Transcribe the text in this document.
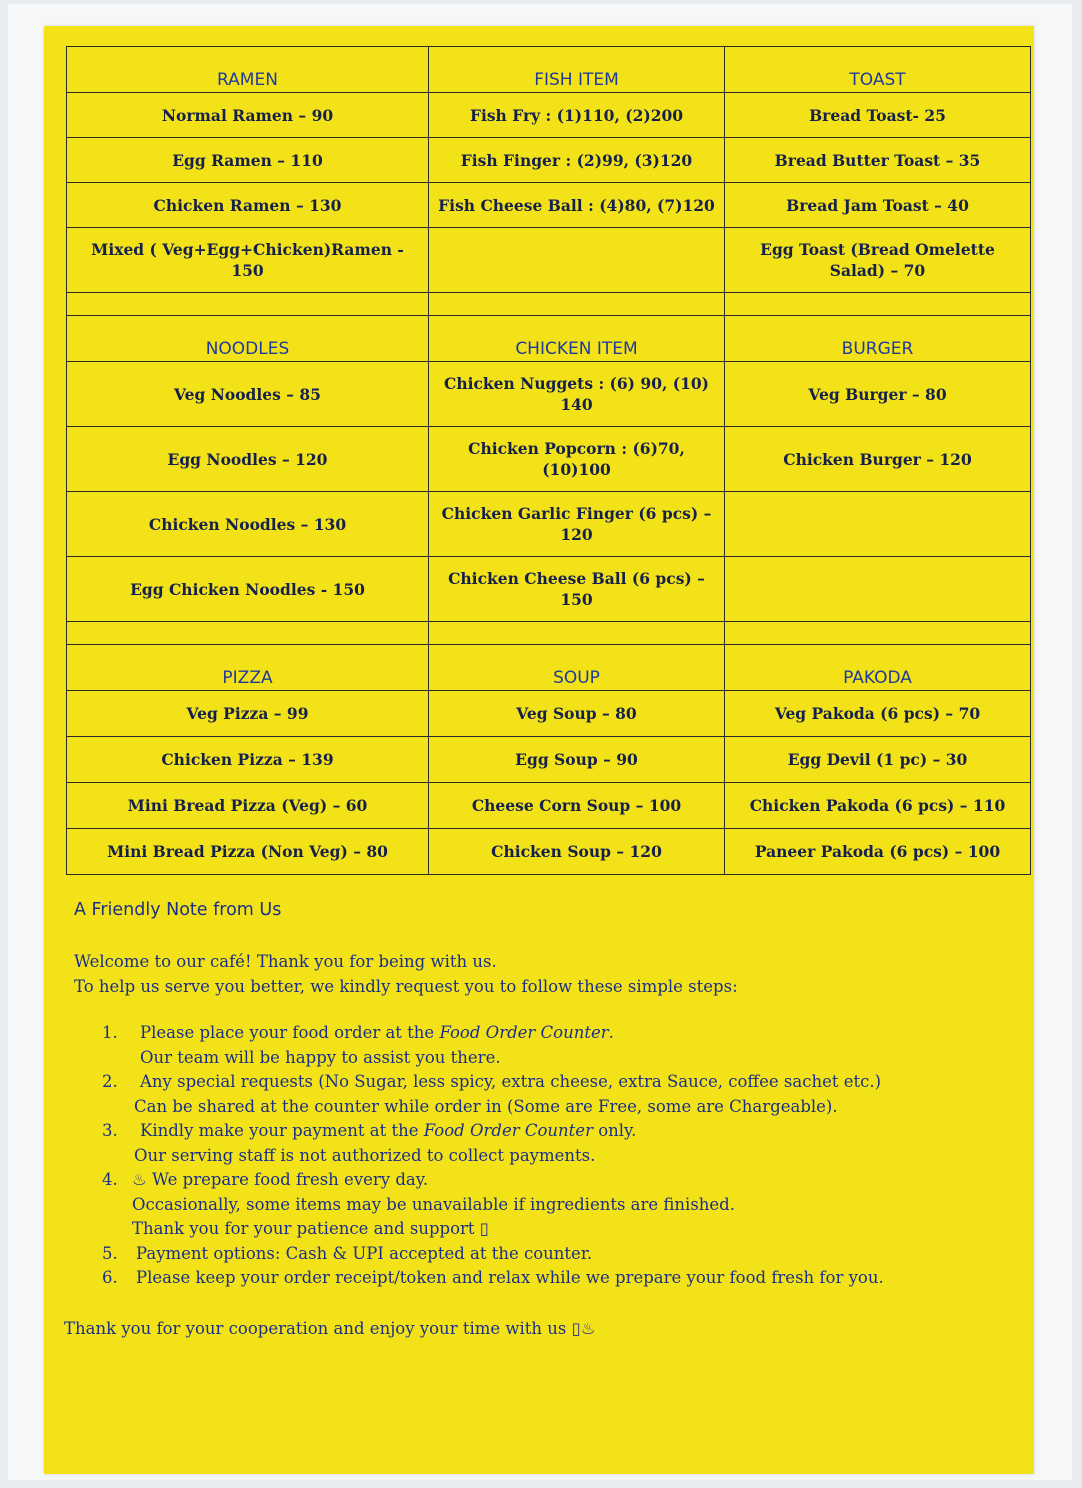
RAMEN	FISH ITEM	TOAST
Normal Ramen – 90	Fish Fry : (1)110, (2)200	Bread Toast- 25
Egg Ramen – 110	Fish Finger : (2)99, (3)120	Bread Butter Toast – 35
Chicken Ramen – 130	Fish Cheese Ball : (4)80, (7)120	Bread Jam Toast – 40
Mixed ( Veg+Egg+Chicken)Ramen - 150		Egg Toast (Bread Omelette Salad) – 70

NOODLES	CHICKEN ITEM	BURGER
Veg Noodles – 85	Chicken Nuggets : (6) 90, (10) 140	Veg Burger – 80
Egg Noodles – 120	Chicken Popcorn : (6)70, (10)100	Chicken Burger – 120
Chicken Noodles – 130	Chicken Garlic Finger (6 pcs) – 120	
Egg Chicken Noodles - 150	Chicken Cheese Ball (6 pcs) – 150	

PIZZA	SOUP	PAKODA
Veg Pizza – 99	Veg Soup – 80	Veg Pakoda (6 pcs) – 70
Chicken Pizza – 139	Egg Soup – 90	Egg Devil (1 pc) – 30
Mini Bread Pizza (Veg) – 60	Cheese Corn Soup – 100	Chicken Pakoda (6 pcs) – 110
Mini Bread Pizza (Non Veg) – 80	Chicken Soup – 120	Paneer Pakoda (6 pcs) – 100
A Friendly Note from Us

Welcome to our café! Thank you for being with us.

To help us serve you better, we kindly request you to follow these simple steps:

1. Please place your food order at the Food Order Counter.
Our team will be happy to assist you there.
2. Any special requests (No Sugar, less spicy, extra cheese, extra Sauce, coffee sachet etc.)
Can be shared at the counter while order in (Some are Free, some are Chargeable).
3. Kindly make your payment at the Food Order Counter only.
Our serving staff is not authorized to collect payments.
4. ♨ We prepare food fresh every day.
Occasionally, some items may be unavailable if ingredients are finished.
Thank you for your patience and support ▯
5. Payment options: Cash & UPI accepted at the counter.
6. Please keep your order receipt/token and relax while we prepare your food fresh for you.

Thank you for your cooperation and enjoy your time with us ▯♨
